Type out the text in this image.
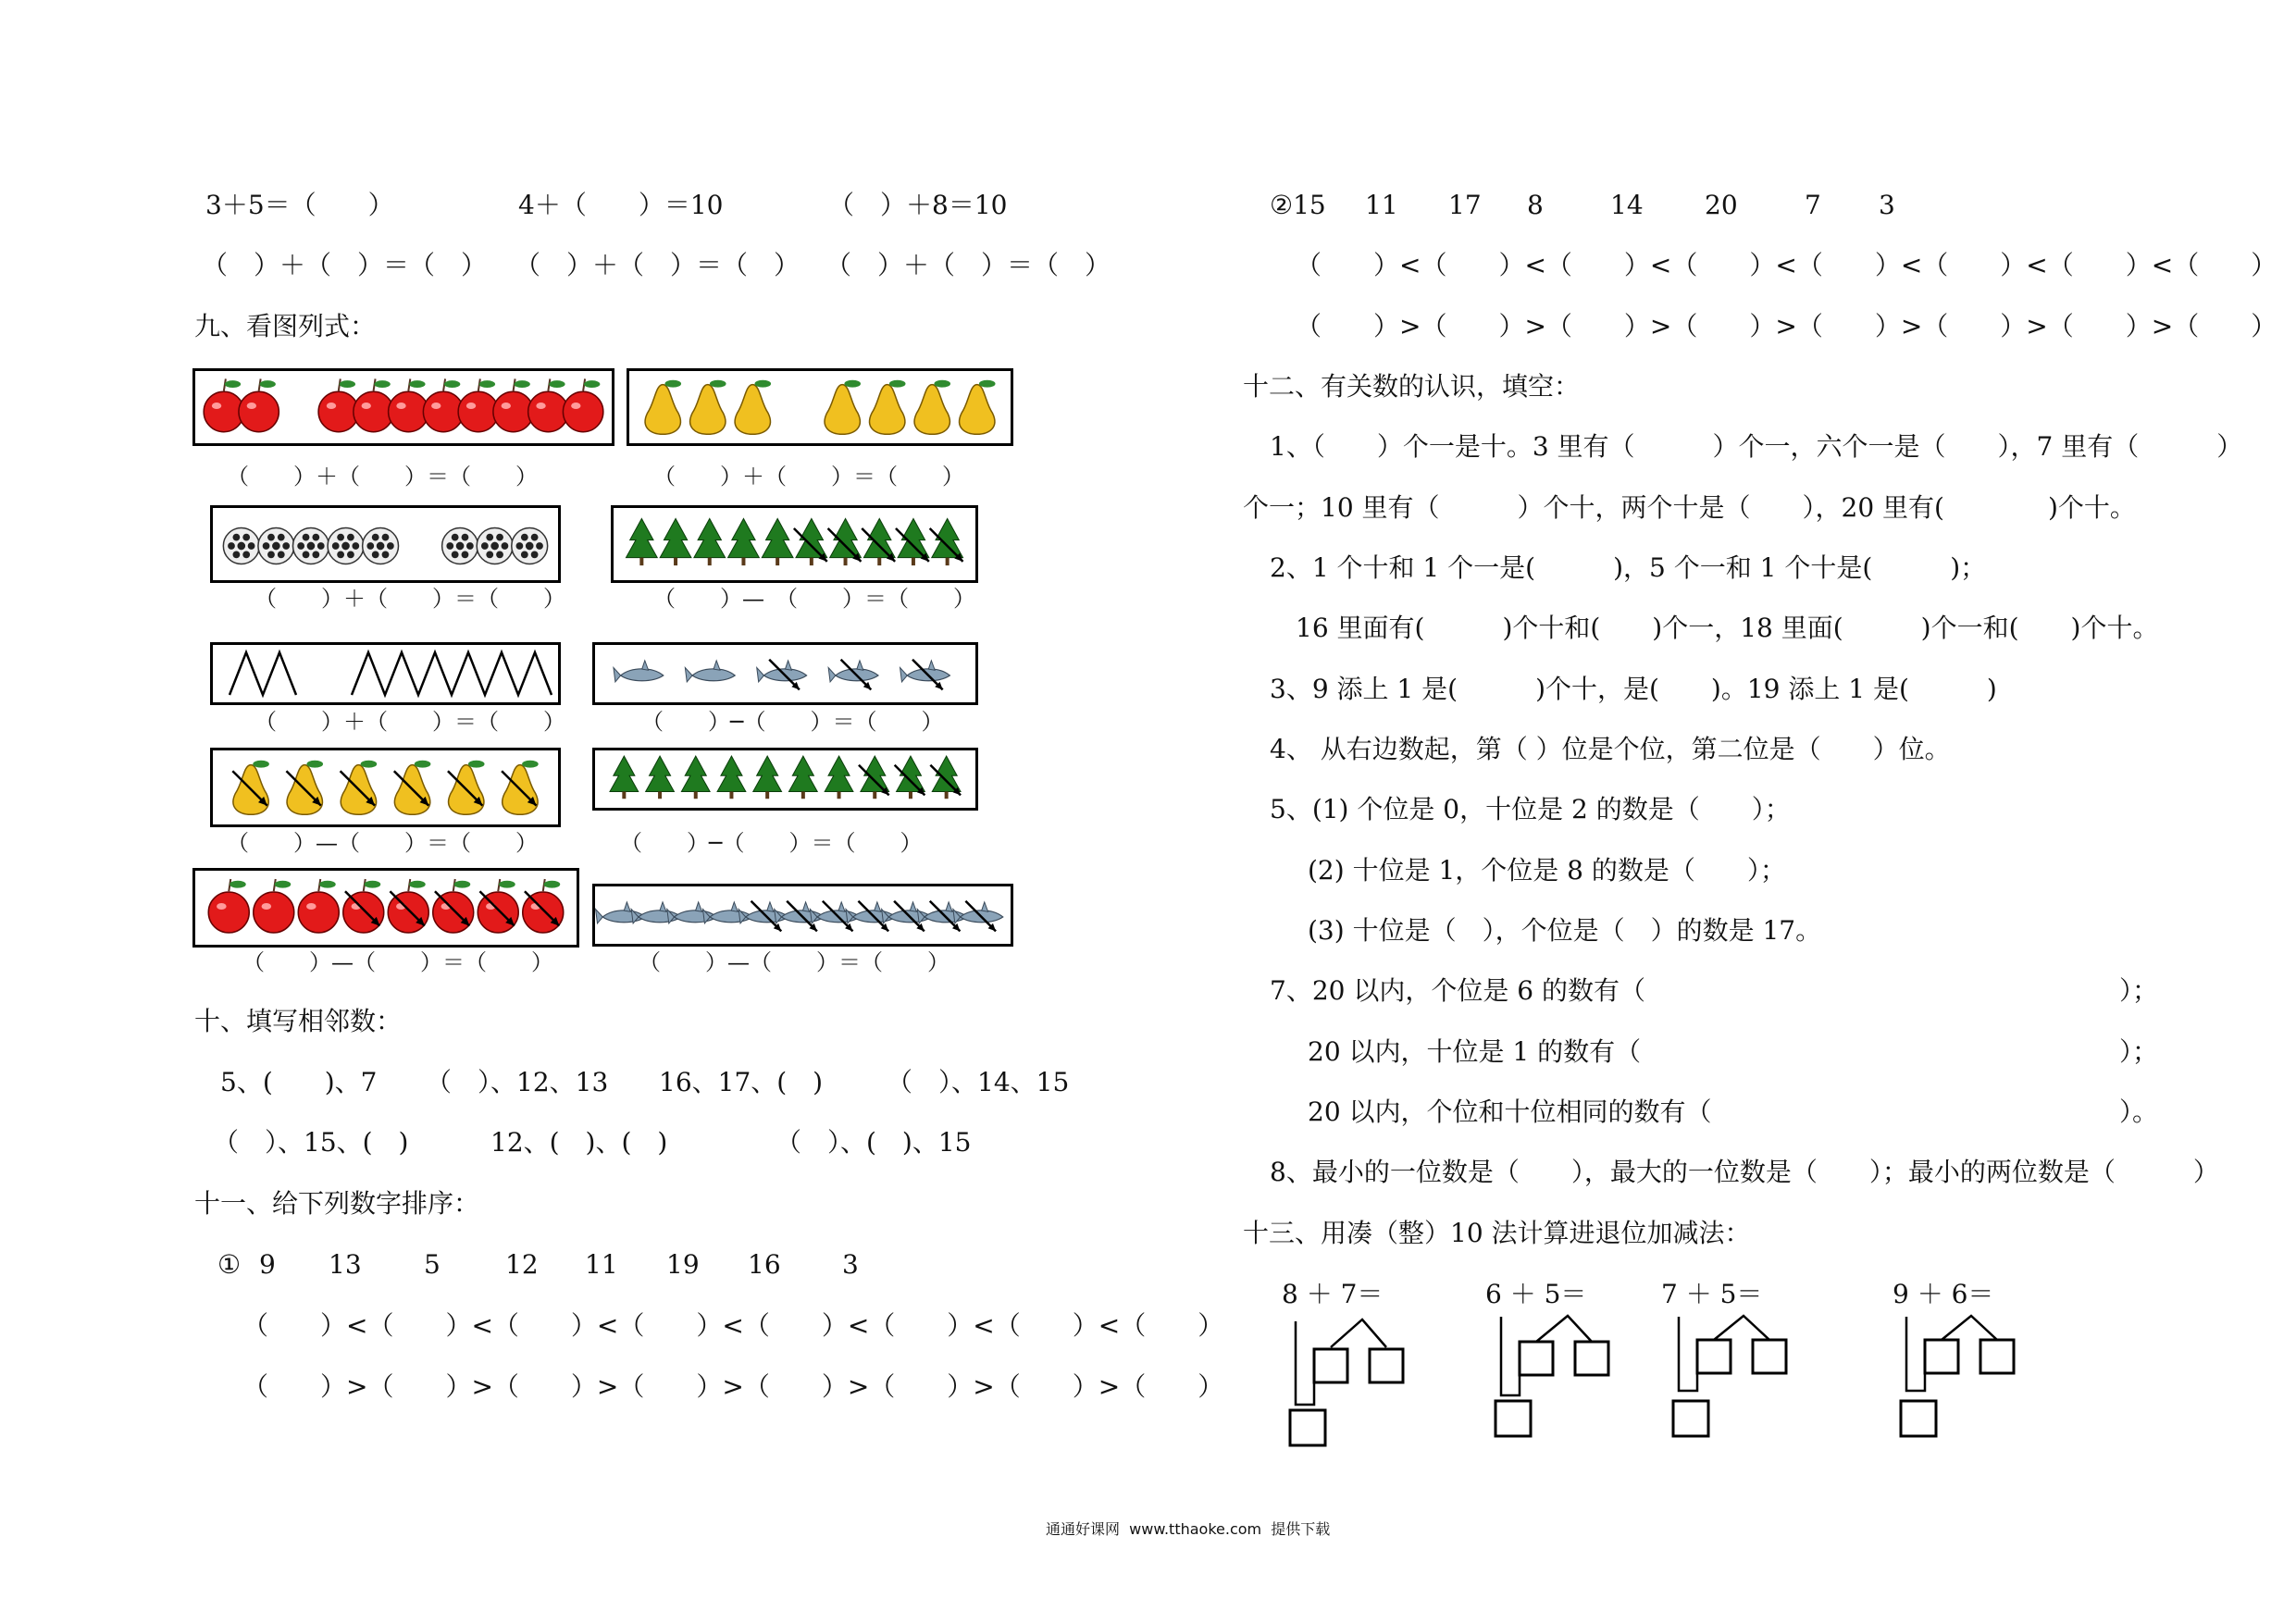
3＋5＝（　　）	4＋（　　）＝10	（　）＋8＝10
（　）＋（　）＝（　） （　）＋（　）＝（　） （　）＋（　）＝（　）
九、看图列式：
（　　）＋（　　）＝（　　）	（　　）＋（　　）＝（　　）
（　　）＋（　　）＝（　　）	（　　）—　（　　）＝（　　）
（　　）＋（　　）＝（　　）	（　　）─（　　）＝（　　）
（　　）—（　　）＝（　　）	（　　）─（　　）＝（　　）
（　　）—（　　）＝（　　）	（　　）—（　　）＝（　　）
十、填写相邻数：
5、(　　)、7 （　）、12、13 16、17、(　) （　）、14、15
（　）、15、(　)	12、(　)、(　)	（　）、(　)、15
十一、给下列数字排序：
① 9 13 5	12 11 19 16 3
（　　）<（　　）<（　　）<（　　）<（　　）<（　　）<（　　）<（　　）
（　　）>（　　）>（　　）>（　　）>（　　）>（　　）>（　　）>（　　）
②15 11 17 8	14 20	7 3
（　　）<（　　）<（　　）<（　　）<（　　）<（　　）<（　　）<（　　）
（　　）>（　　）>（　　）>（　　）>（　　）>（　　）>（　　）>（　　）
十二、有关数的认识，填空：
1、（　　）个一是十。3 里有（　　　）个一，六个一是（　　），7 里有（　　　）
个一；10 里有（　　　）个十，两个十是（　　），20 里有(　　　　)个十。
2、1 个十和 1 个一是(　　　)，5 个一和 1 个十是(　　　)；
16 里面有(　　　)个十和(　　)个一，18 里面(　　　)个一和(　　)个十。
3、9 添上 1 是(　　　)个十，是(　　)。19 添上 1 是(　　　)
4、 从右边数起，第（ ）位是个位，第二位是（　　）位。
5、(1) 个位是 0，十位是 2 的数是（　　）；
(2) 十位是 1，个位是 8 的数是（　　）；
(3) 十位是（　），个位是（　）的数是 17。
7、20 以内，个位是 6 的数有（	）；
20 以内，十位是 1 的数有（	）；
20 以内，个位和十位相同的数有（	）。
8、最小的一位数是（　　），最大的一位数是（　　）；最小的两位数是（　　　）
十三、用凑（整）10 法计算进退位加减法：
8 ＋ 7＝	6 ＋ 5＝	7 ＋ 5＝	9 ＋ 6＝
通通好课网  www.tthaoke.com  提供下载
